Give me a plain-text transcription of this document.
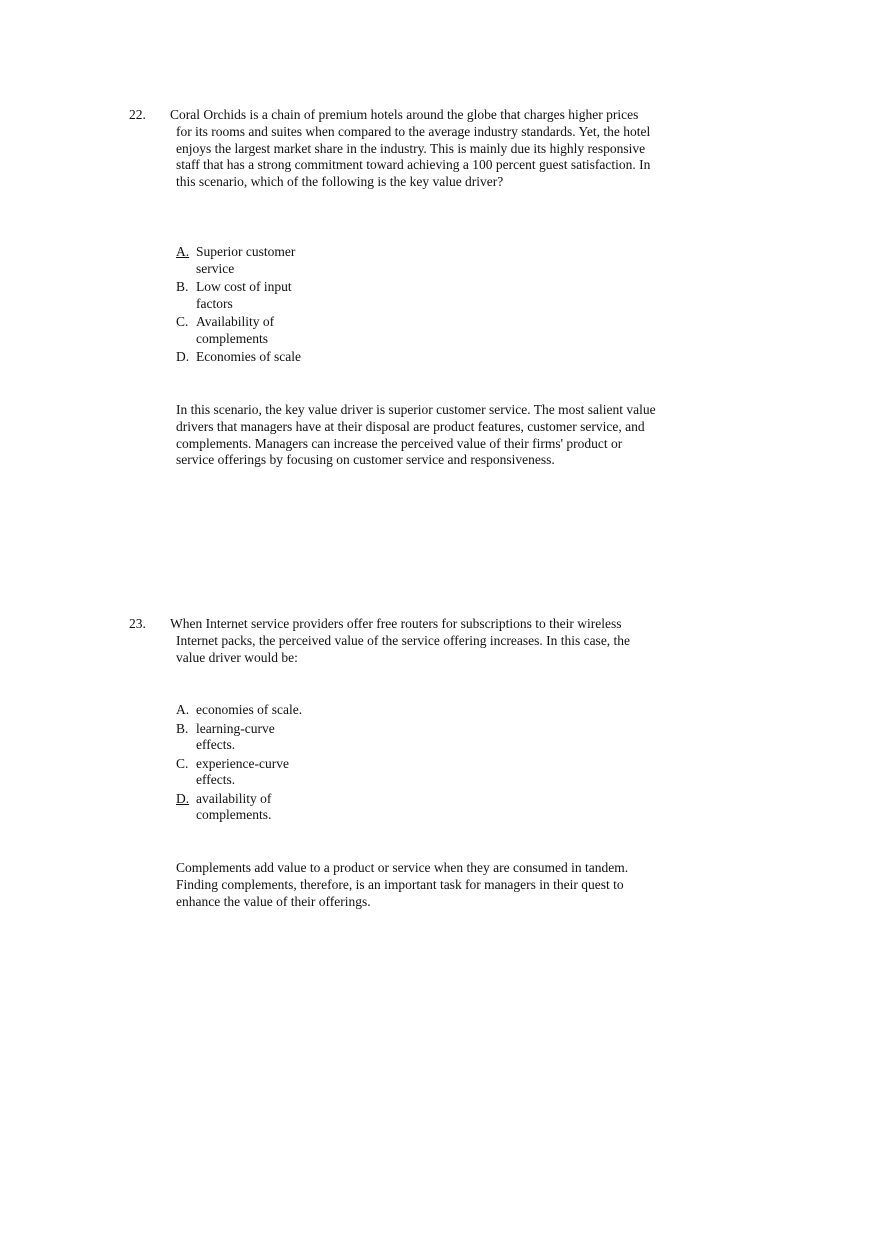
22. Coral Orchids is a chain of premium hotels around the globe that charges higher prices for its rooms and suites when compared to the average industry standards. Yet, the hotel enjoys the largest market share in the industry. This is mainly due its highly responsive staff that has a strong commitment toward achieving a 100 percent guest satisfaction. In this scenario, which of the following is the key value driver?
A. Superior customer service
B. Low cost of input factors
C. Availability of complements
D. Economies of scale
In this scenario, the key value driver is superior customer service. The most salient value drivers that managers have at their disposal are product features, customer service, and complements. Managers can increase the perceived value of their firms' product or service offerings by focusing on customer service and responsiveness.
23. When Internet service providers offer free routers for subscriptions to their wireless Internet packs, the perceived value of the service offering increases. In this case, the value driver would be:
A. economies of scale.
B. learning-curve effects.
C. experience-curve effects.
D. availability of complements.
Complements add value to a product or service when they are consumed in tandem. Finding complements, therefore, is an important task for managers in their quest to enhance the value of their offerings.
